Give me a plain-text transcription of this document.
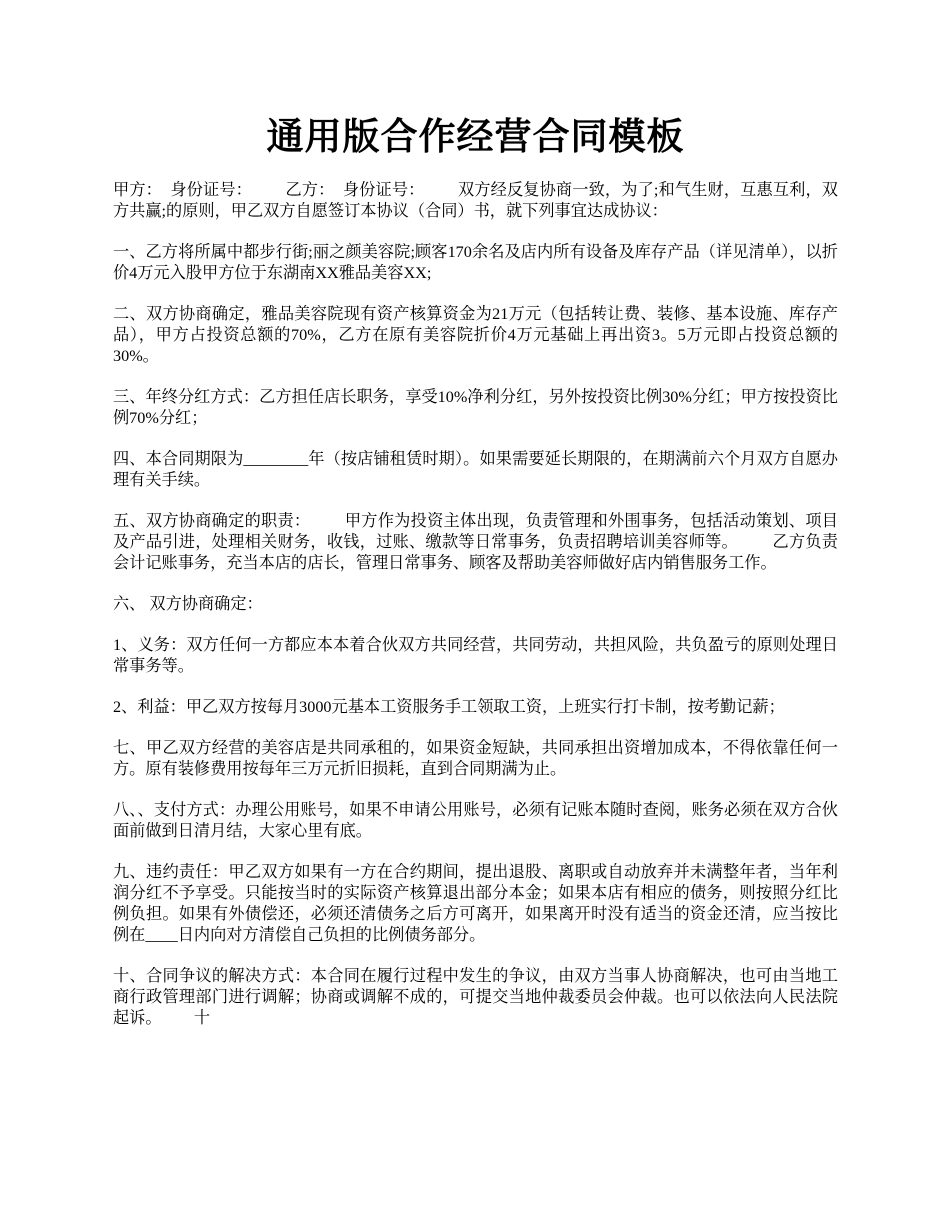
通用版合作经营合同模板

甲方：  身份证号：        乙方：  身份证号：        双方经反复协商一致，为了;和气生财，互惠互利，双方共赢;的原则，甲乙双方自愿签订本协议（合同）书，就下列事宜达成协议：

一、乙方将所属中都步行街;丽之颜美容院;顾客170余名及店内所有设备及库存产品（详见清单），以折价4万元入股甲方位于东湖南XX雅品美容XX;

二、双方协商确定，雅品美容院现有资产核算资金为21万元（包括转让费、装修、基本设施、库存产品），甲方占投资总额的70%，乙方在原有美容院折价4万元基础上再出资3。5万元即占投资总额的30%。

三、年终分红方式：乙方担任店长职务，享受10%净利分红，另外按投资比例30%分红；甲方按投资比例70%分红；

四、本合同期限为________年（按店铺租赁时期）。如果需要延长期限的，在期满前六个月双方自愿办理有关手续。

五、双方协商确定的职责：        甲方作为投资主体出现，负责管理和外围事务，包括活动策划、项目及产品引进，处理相关财务，收钱，过账、缴款等日常事务，负责招聘培训美容师等。        乙方负责会计记账事务，充当本店的店长，管理日常事务、顾客及帮助美容师做好店内销售服务工作。

六、 双方协商确定：

1、义务：双方任何一方都应本本着合伙双方共同经营，共同劳动，共担风险，共负盈亏的原则处理日常事务等。

2、利益：甲乙双方按每月3000元基本工资服务手工领取工资，上班实行打卡制，按考勤记薪；

七、甲乙双方经营的美容店是共同承租的，如果资金短缺，共同承担出资增加成本，不得依靠任何一方。原有装修费用按每年三万元折旧损耗，直到合同期满为止。

八、、支付方式：办理公用账号，如果不申请公用账号，必须有记账本随时查阅，账务必须在双方合伙面前做到日清月结，大家心里有底。

九、违约责任：甲乙双方如果有一方在合约期间，提出退股、离职或自动放弃并未满整年者，当年利润分红不予享受。只能按当时的实际资产核算退出部分本金；如果本店有相应的债务，则按照分红比例负担。如果有外债偿还，必须还清债务之后方可离开，如果离开时没有适当的资金还清，应当按比例在____日内向对方清偿自己负担的比例债务部分。

十、合同争议的解决方式：本合同在履行过程中发生的争议，由双方当事人协商解决，也可由当地工商行政管理部门进行调解；协商或调解不成的，可提交当地仲裁委员会仲裁。也可以依法向人民法院起诉。        十
